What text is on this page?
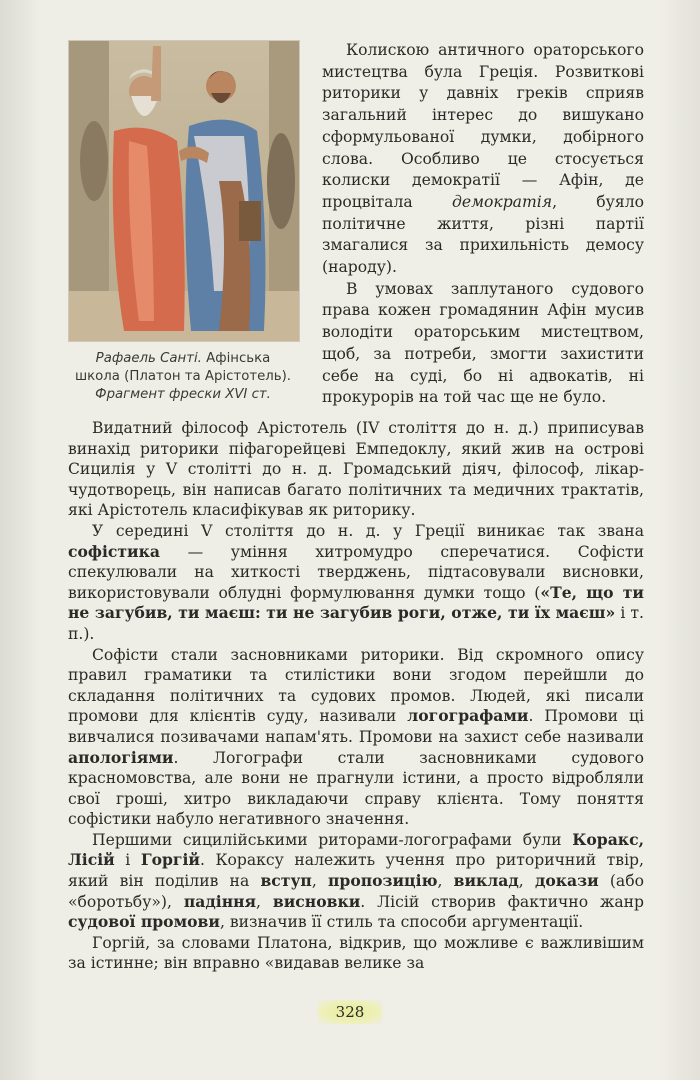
Рафаель Санті. Афінська
школа (Платон та Арістотель).
Фрагмент фрески XVI ст.

Колискою античного ораторського мистецтва була Греція. Розвиткові риторики у давніх греків сприяв загальний інтерес до вишуканo сформульованої думки, добірного слова. Особливо це стосується колиски демократії — Афін, де процвітала демократія, буяло політичне життя, різні партії змагалися за прихильність демосу (народу).

В умовах заплутаного судового права кожен громадянин Афін мусив володіти ораторським мистецтвом, щоб, за потреби, змогти захистити себе на суді, бо ні адвокатів, ні прокурорів на той час ще не було.

Видатний філософ Арістотель (IV століття до н. д.) приписував винахід риторики піфагорейцеві Емпедоклу, який жив на острові Сицилія у V столітті до н. д. Громадський діяч, філософ, лікар-чудотворець, він написав багато політичних та медичних трактатів, які Арістотель класифікував як риторику.

У середині V століття до н. д. у Греції виникає так звана софістика — уміння хитромудро сперечатися. Софісти спекулювали на хиткості тверджень, підтасовували висновки, використовували облудні формулювання думки тощо («Те, що ти не загубив, ти маєш: ти не загубив роги, отже, ти їх маєш» і т. п.).

Софісти стали засновниками риторики. Від скромного опису правил граматики та стилістики вони згодом перейшли до складання політичних та судових промов. Людей, які писали промови для клієнтів суду, називали логографами. Промови ці вивчалися позивачами напам'ять. Промови на захист себе називали апологіями. Логографи стали засновниками судового красномовства, але вони не прагнули істини, а просто відробляли свої гроші, хитро викладаючи справу клієнта. Тому поняття софістики набуло негативного значення.

Першими сицилійськими риторами-логографами були Коракс, Лісій і Горгій. Кораксу належить учення про риторичний твір, який він поділив на вступ, пропозицію, виклад, докази (або «боротьбу»), падіння, висновки. Лісій створив фактично жанр судової промови, визначив її стиль та способи аргументації.

Горгій, за словами Платона, відкрив, що можливе є важливішим за істинне; він вправно «видавав велике за

328
